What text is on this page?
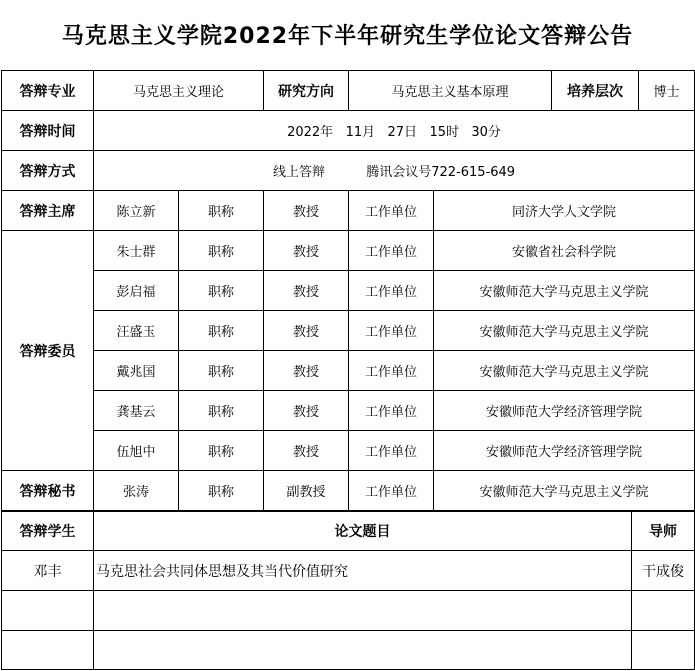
马克思主义学院2022年下半年研究生学位论文答辩公告
答辩专业	马克思主义理论		研究方向	马克思主义基本原理		培养层次	博士
答辩时间	2022年   11月   27日   15时   30分						
答辩方式	线上答辩          腾讯会议号722-615-649						
答辩主席	陈立新	职称	教授	工作单位	同济大学人文学院		
答辩委员	朱士群	职称	教授	工作单位	安徽省社会科学院		
	彭启福	职称	教授	工作单位	安徽师范大学马克思主义学院		
	汪盛玉	职称	教授	工作单位	安徽师范大学马克思主义学院		
	戴兆国	职称	教授	工作单位	安徽师范大学马克思主义学院		
	龚基云	职称	教授	工作单位	安徽师范大学经济管理学院		
	伍旭中	职称	教授	工作单位	安徽师范大学经济管理学院		
答辩秘书	张涛	职称	副教授	工作单位	安徽师范大学马克思主义学院		
答辩学生	论文题目	导师
邓丰	马克思社会共同体思想及其当代价值研究	干成俊
